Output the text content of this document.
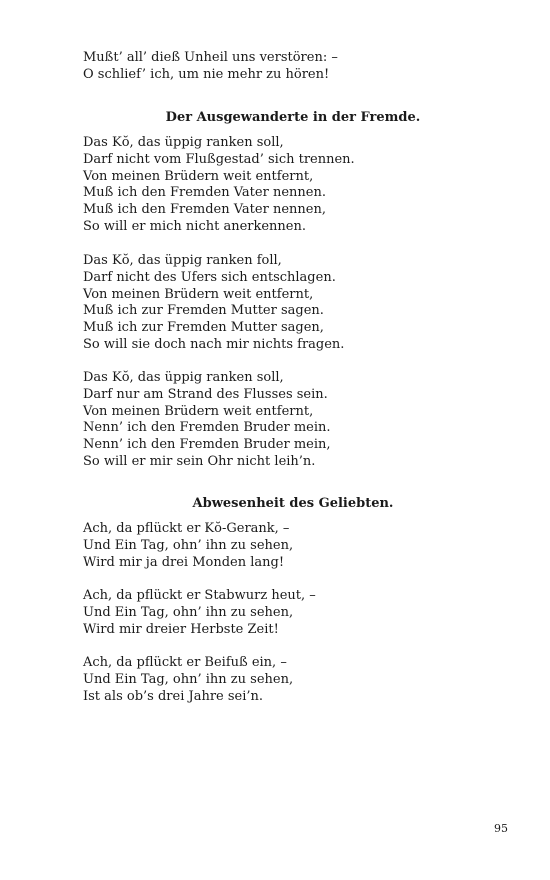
Mußt’ all’ dieß Unheil uns verstören: –
O schlief’ ich, um nie mehr zu hören!
Der Ausgewanderte in der Fremde.
Das Kŏ, das üppig ranken soll,
Darf nicht vom Flußgestad’ sich trennen.
Von meinen Brüdern weit entfernt,
Muß ich den Fremden Vater nennen.
Muß ich den Fremden Vater nennen,
So will er mich nicht anerkennen.
Das Kŏ, das üppig ranken foll,
Darf nicht des Ufers sich entschlagen.
Von meinen Brüdern weit entfernt,
Muß ich zur Fremden Mutter sagen.
Muß ich zur Fremden Mutter sagen,
So will sie doch nach mir nichts fragen.
Das Kŏ, das üppig ranken soll,
Darf nur am Strand des Flusses sein.
Von meinen Brüdern weit entfernt,
Nenn’ ich den Fremden Bruder mein.
Nenn’ ich den Fremden Bruder mein,
So will er mir sein Ohr nicht leih’n.
Abwesenheit des Geliebten.
Ach, da pflückt er Kŏ-Gerank, –
Und Ein Tag, ohn’ ihn zu sehen,
Wird mir ja drei Monden lang!
Ach, da pflückt er Stabwurz heut, –
Und Ein Tag, ohn’ ihn zu sehen,
Wird mir dreier Herbste Zeit!
Ach, da pflückt er Beifuß ein, –
Und Ein Tag, ohn’ ihn zu sehen,
Ist als ob’s drei Jahre sei’n.
95
